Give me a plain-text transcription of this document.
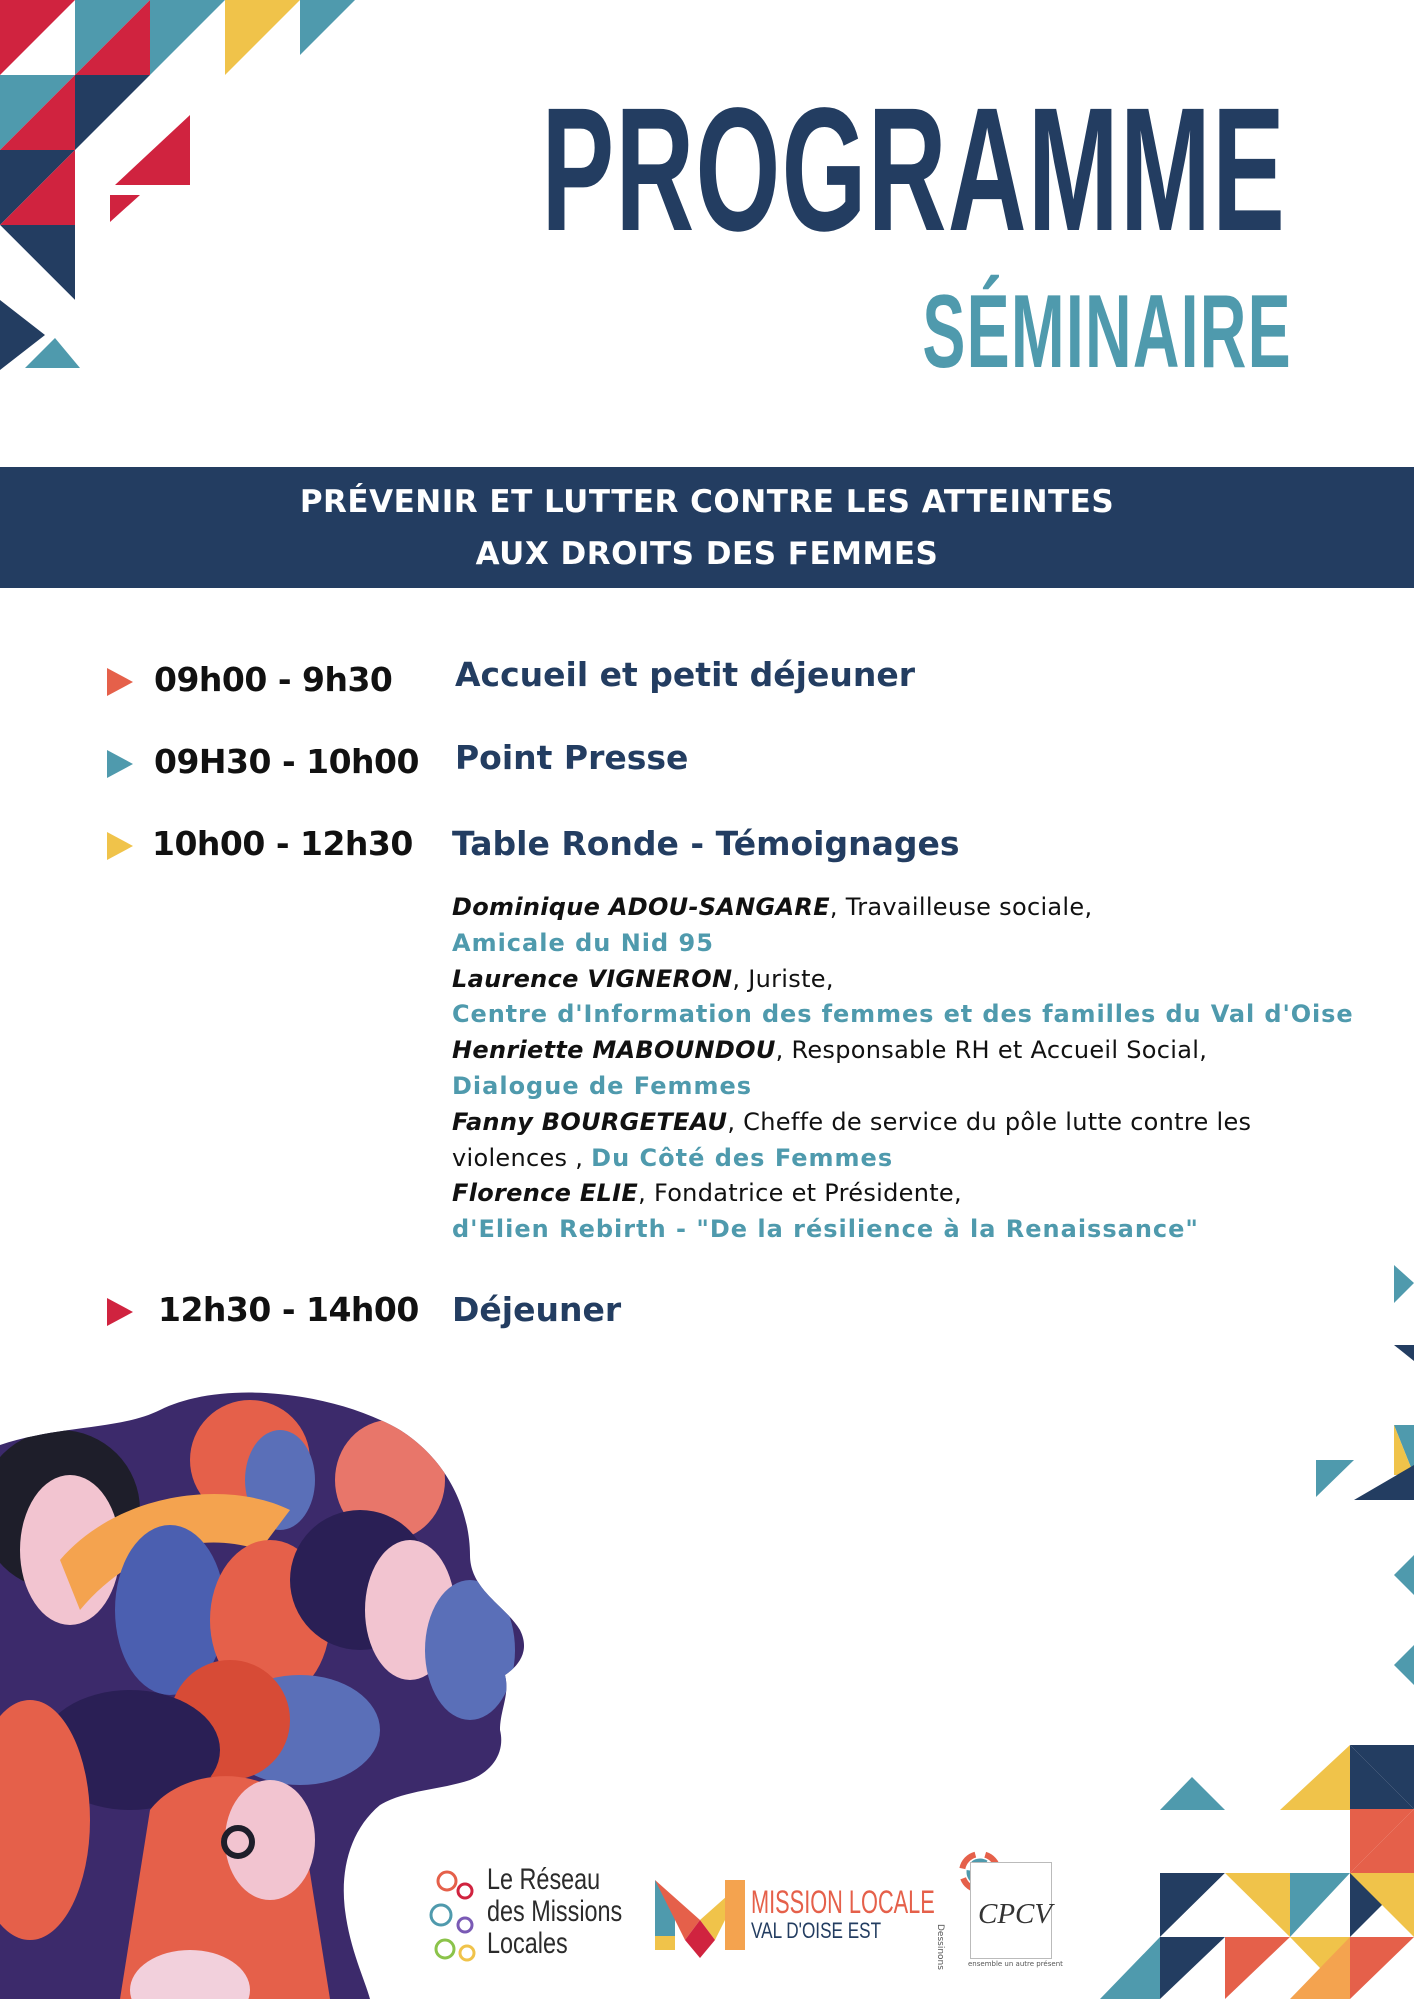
PROGRAMME
SÉMINAIRE
PRÉVENIR ET LUTTER CONTRE LES ATTEINTES
AUX DROITS DES FEMMES
09h00 - 9h30 Accueil et petit déjeuner
09H30 - 10h00 Point Presse
10h00 - 12h30 Table Ronde - Témoignages
Dominique ADOU-SANGARE, Travailleuse sociale,
Amicale du Nid 95
Laurence VIGNERON, Juriste,
Centre d'Information des femmes et des familles du Val d'Oise
Henriette MABOUNDOU, Responsable RH et Accueil Social,
Dialogue de Femmes
Fanny BOURGETEAU, Cheffe de service du pôle lutte contre les
violences , Du Côté des Femmes
Florence ELIE, Fondatrice et Présidente,
d'Elien Rebirth - "De la résilience à la Renaissance"
12h30 - 14h00 Déjeuner
Le Réseau
des Missions
Locales
MISSION LOCALE
VAL D'OISE EST	Dessinons
CPCV
ensemble un autre présent
